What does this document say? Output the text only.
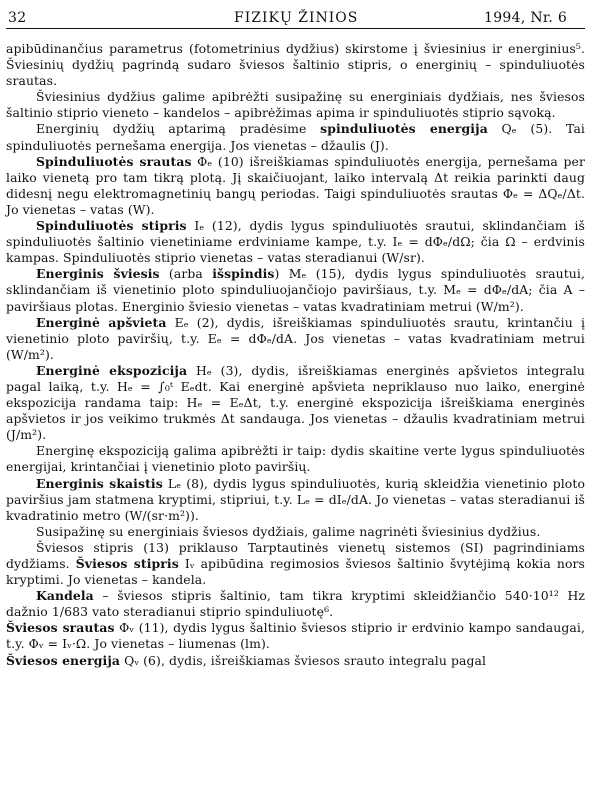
32	FIZIKŲ ŽINIOS	1994, Nr. 6

apibūdinančius parametrus (fotometrinius dydžius) skirstome į šviesinius ir energinius⁵. Šviesinių dydžių pagrindą sudaro šviesos šaltinio stipris, o energinių – spinduliuotės srautas.

Šviesinius dydžius galime apibrėžti susipažinę su energiniais dydžiais, nes šviesos šaltinio stiprio vieneto – kandelos – apibrėžimas apima ir spinduliuotės stiprio sąvoką.

Energinių dydžių aptarimą pradėsime spinduliuotės energija Qₑ (5). Tai spinduliuotės pernešama energija. Jos vienetas – džaulis (J).

Spinduliuotės srautas Φₑ (10) išreiškiamas spinduliuotės energija, pernešama per laiko vienetą pro tam tikrą plotą. Jį skaičiuojant, laiko intervalą Δt reikia parinkti daug didesnį negu elektromagnetinių bangų periodas. Taigi spinduliuotės srautas Φₑ = ΔQₑ/Δt. Jo vienetas – vatas (W).

Spinduliuotės stipris Iₑ (12), dydis lygus spinduliuotės srautui, sklindančiam iš spinduliuotės šaltinio vienetiniame erdviniame kampe, t.y. Iₑ = dΦₑ/dΩ; čia Ω – erdvinis kampas. Spinduliuotės stiprio vienetas – vatas steradianui (W/sr).

Energinis šviesis (arba išspindis) Mₑ (15), dydis lygus spinduliuotės srautui, sklindančiam iš vienetinio ploto spinduliuojančiojo paviršiaus, t.y. Mₑ = dΦₑ/dA; čia A – paviršiaus plotas. Energinio šviesio vienetas – vatas kvadratiniam metrui (W/m²).

Energinė apšvieta Eₑ (2), dydis, išreiškiamas spinduliuotės srautu, krintančiu į vienetinio ploto paviršių, t.y. Eₑ = dΦₑ/dA. Jos vienetas – vatas kvadratiniam metrui (W/m²).

Energinė ekspozicija Hₑ (3), dydis, išreiškiamas energinės apšvietos integralu pagal laiką, t.y. Hₑ = ∫₀ᵗ Eₑdt. Kai energinė apšvieta nepriklauso nuo laiko, energinė ekspozicija randama taip: Hₑ = EₑΔt, t.y. energinė ekspozicija išreiškiama energinės apšvietos ir jos veikimo trukmės Δt sandauga. Jos vienetas – džaulis kvadratiniam metrui (J/m²).

Energinę ekspoziciją galima apibrėžti ir taip: dydis skaitine verte lygus spinduliuotės energijai, krintančiai į vienetinio ploto paviršių.

Energinis skaistis Lₑ (8), dydis lygus spinduliuotės, kurią skleidžia vienetinio ploto paviršius jam statmena kryptimi, stipriui, t.y. Lₑ = dIₑ/dA. Jo vienetas – vatas steradianui iš kvadratinio metro (W/(sr·m²)).

Susipažinę su energiniais šviesos dydžiais, galime nagrinėti šviesinius dydžius.

Šviesos stipris (13) priklauso Tarptautinės vienetų sistemos (SI) pagrindiniams dydžiams. Šviesos stipris Iᵥ apibūdina regimosios šviesos šaltinio švytėjimą kokia nors kryptimi. Jo vienetas – kandela.

Kandela – šviesos stipris šaltinio, tam tikra kryptimi skleidžiančio 540·10¹² Hz dažnio 1/683 vato steradianui stiprio spinduliuotę⁶.

Šviesos srautas Φᵥ (11), dydis lygus šaltinio šviesos stiprio ir erdvinio kampo sandaugai, t.y. Φᵥ = Iᵥ·Ω. Jo vienetas – liumenas (lm).

Šviesos energija Qᵥ (6), dydis, išreiškiamas šviesos srauto integralu pagal
